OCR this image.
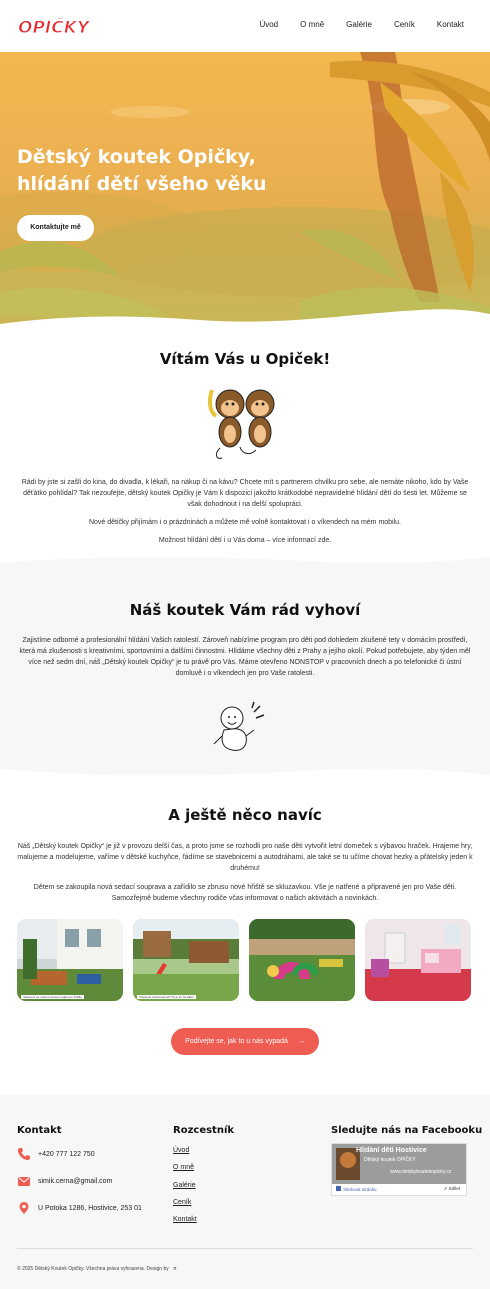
OPIČKY	Úvod	O mně	Galérie	Ceník	Kontakt
Dětský koutek Opičky,
hlídání dětí všeho věku
Kontaktujte mě
Vítám Vás u Opiček!

Rádi by jste si zašli do kina, do divadla, k lékaři, na nákup či na kávu? Chcete mít s partnerem chvilku pro sebe, ale nemáte nikoho, kdo by Vaše děťátko pohlídal? Tak nezoufejte, dětský koutek Opičky je Vám k dispozici jakožto krátkodobé nepravidelné hlídání dětí do šesti let. Můžeme se však dohodnout i na delší spolupráci.

Nové dětičky přijímám i o prázdninách a můžete mě volně kontaktovat i o víkendech na mém mobilu.

Možnost hlídání dětí i u Vás doma – více informací zde.

Náš koutek Vám rád vyhoví

Zajistíme odborné a profesionální hlídání Vašich ratolestí. Zároveň nabízíme program pro děti pod dohledem zkušené tety v domácím prostředí, která má zkušenosti s kreativními, sportovními a dalšími činnostmi. Hlídáme všechny děti z Prahy a jejího okolí. Pokud potřebujete, aby týden měl více než sedm dní, náš „Dětský koutek Opičky“ je tu právě pro Vás. Máme otevřeno NONSTOP v pracovních dnech a po telefonické či ústní domluvě i o víkendech jen pro Vaše ratolesti.

A ještě něco navíc

Náš „Dětský koutek Opičky“ je již v provozu delší čas, a proto jsme se rozhodli pro naše děti vytvořit letní domeček s výbavou hraček. Hrajeme hry, malujeme a modelujeme, vaříme v dětské kuchyňce, řádíme se stavebnicemi a autodráhami, ale také se tu učíme chovat hezky a přátelsky jeden k druhému!

Dětem se zakoupila nová sedací souprava a zařídilo se zbrusu nové hřiště se skluzavkou. Vše je natřené a připravené jen pro Vaše děti. Samozřejmě budeme všechny rodiče včas informovat o našich aktivitách a novinkách.

Venkovní se místo k sezení nejdo pro hrátky	Tsoptrost ti domuunost? To je eri ho katé!
Podívejte se, jak to u nás vypadá →
Kontakt
+420 777 122 750
simik.cerna@gmail.com
U Potoka 1286, Hostivice, 253 01
Rozcestník
Úvod
O mně
Galérie
Ceník
Kontakt
Sledujte nás na Facebooku
Hlídání dětí Hostivice
Dětský koutek OPIČKY
www.detskykoutekopicky.cz
Sledovat stránku	↗ Sdílet

© 2025 Dětský Koutek Opičky. Všechna práva vyhrazena. Design by π
